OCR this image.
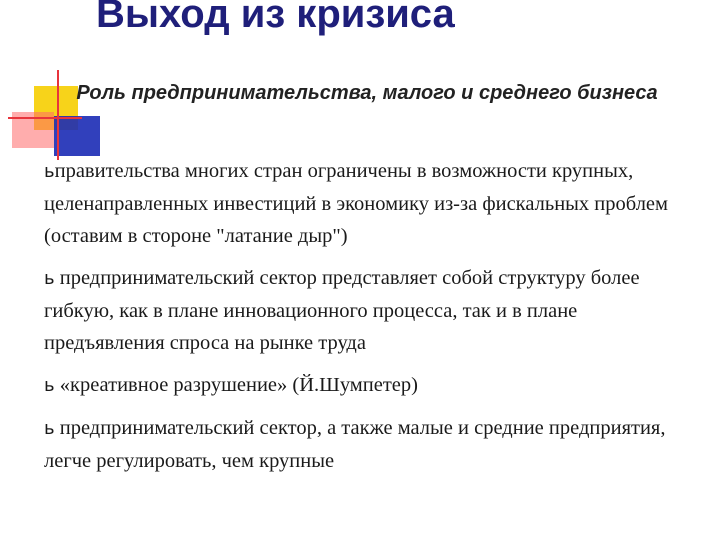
Выход из кризиса
Роль предпринимательства, малого и среднего бизнеса
ьправительства многих стран ограничены в возможности крупных, целенаправленных инвестиций в экономику из-за фискальных проблем (оставим в стороне "латание дыр")
ь предпринимательский сектор представляет собой структуру более гибкую, как в плане инновационного процесса, так и в плане предъявления спроса на рынке труда
ь «креативное разрушение» (Й.Шумпетер)
ь предпринимательский сектор, а также малые и средние предприятия, легче регулировать, чем крупные
